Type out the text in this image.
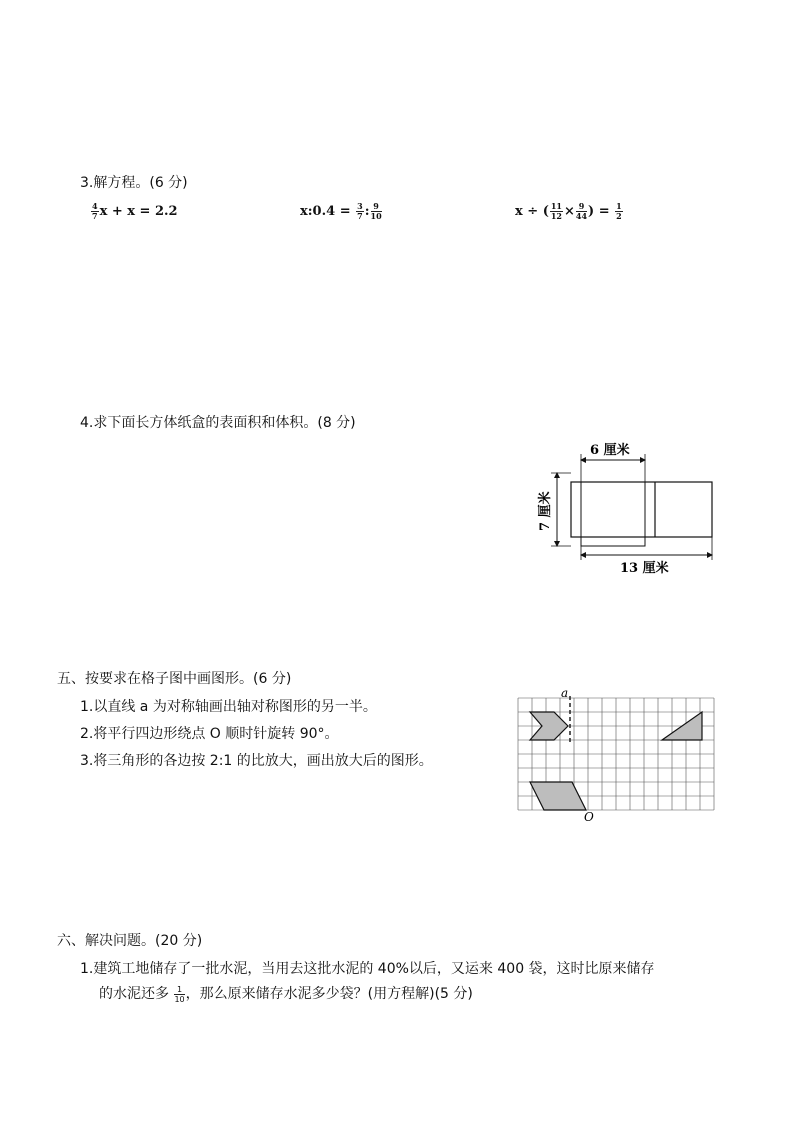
3.解方程。(6 分)
$\frac{4}{7}$ x + x = 2.2	x:0.4 = $\frac{3}{7}$ : $\frac{9}{10}$	x ÷ ( $\frac{11}{12} \times \frac{9}{44}$ ) = $\frac{1}{2}$
4.求下面长方体纸盒的表面积和体积。(8 分)
6 厘米
7 厘米
13 厘米
五、按要求在格子图中画图形。(6 分)
1.以直线 a 为对称轴画出轴对称图形的另一半。
2.将平行四边形绕点 O 顺时针旋转 90°。
3.将三角形的各边按 2:1 的比放大，画出放大后的图形。
a
O
六、解决问题。(20 分)
1.建筑工地储存了一批水泥，当用去这批水泥的 40%以后，又运来 400 袋，这时比原来储存
的水泥还多 $\frac{1}{10}$ ，那么原来储存水泥多少袋？(用方程解)(5 分)
